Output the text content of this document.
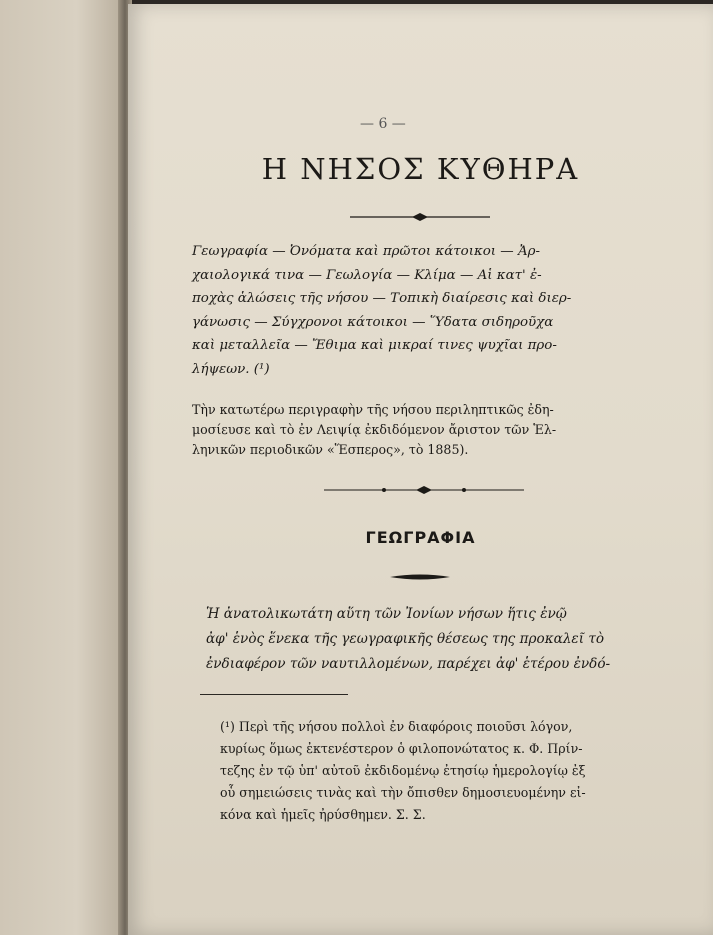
— 6 —
Η ΝΗΣΟΣ ΚΥΘΗΡΑ
Γεωγραφία — Ὀνόματα καὶ πρῶτοι κάτοικοι — Ἀρ-
χαιολογικά τινα — Γεωλογία — Κλίμα — Αἱ κατ' ἐ-
ποχὰς ἁλώσεις τῆς νήσου — Τοπικὴ διαίρεσις καὶ διερ-
γάνωσις — Σύγχρονοι κάτοικοι — Ὕδατα σιδηροῦχα
καὶ μεταλλεῖα — Ἔθιμα καὶ μικραί τινες ψυχῖαι προ-
λήψεων. (¹)
Τὴν κατωτέρω περιγραφὴν τῆς νήσου περιληπτικῶς ἐδη-
μοσίευσε καὶ τὸ ἐν Λειψίᾳ ἐκδιδόμενον ἄριστον τῶν Ἑλ-
ληνικῶν περιοδικῶν «Ἕσπερος», τὸ 1885).
ΓΕΩΓΡΑΦΙΑ
Ἡ ἀνατολικωτάτη αὕτη τῶν Ἰονίων νήσων ἥτις ἐνῷ
ἀφ' ἑνὸς ἕνεκα τῆς γεωγραφικῆς θέσεως της προκαλεῖ τὸ
ἐνδιαφέρον τῶν ναυτιλλομένων, παρέχει ἀφ' ἑτέρου ἐνδό-
(¹) Περὶ τῆς νήσου πολλοὶ ἐν διαφόροις ποιοῦσι λόγον,
κυρίως ὅμως ἐκτενέστερον ὁ φιλοπονώτατος κ. Φ. Πρίν-
τεζης ἐν τῷ ὑπ' αὐτοῦ ἐκδιδομένῳ ἐτησίῳ ἡμερολογίῳ ἐξ
οὗ σημειώσεις τινὰς καὶ τὴν ὄπισθεν δημοσιευομένην εἰ-
κόνα καὶ ἡμεῖς ἠρύσθημεν. Σ. Σ.
